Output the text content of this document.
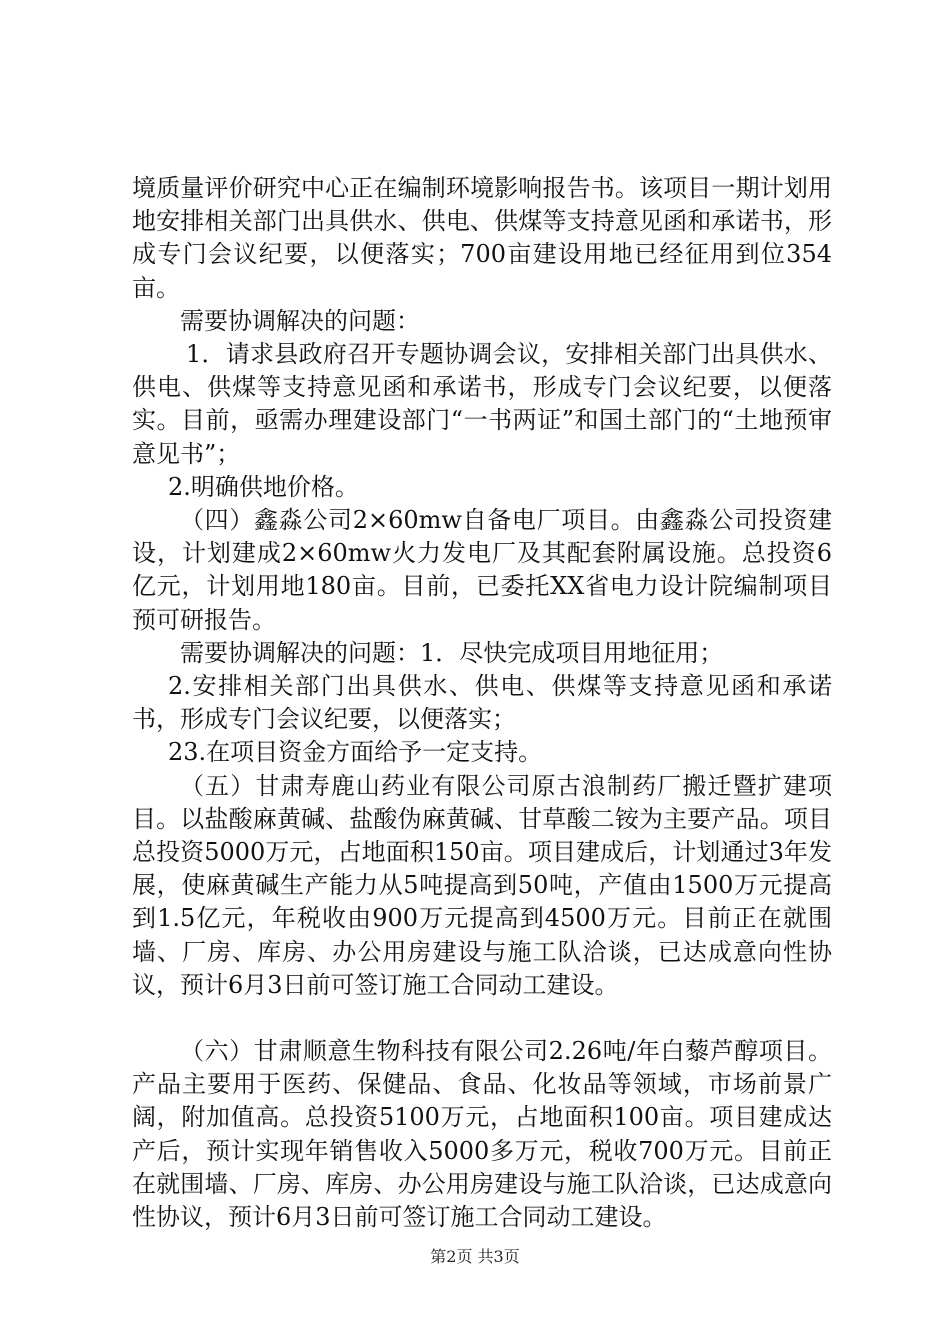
境质量评价研究中心正在编制环境影响报告书。该项目一期计划用地安排相关部门出具供水、供电、供煤等支持意见函和承诺书，形成专门会议纪要，以便落实；700亩建设用地已经征用到位354亩。

需要协调解决的问题：

1．请求县政府召开专题协调会议，安排相关部门出具供水、供电、供煤等支持意见函和承诺书，形成专门会议纪要，以便落实。目前，亟需办理建设部门“一书两证”和国土部门的“土地预审意见书”；

2.明确供地价格。

（四）鑫淼公司2×60mw自备电厂项目。由鑫淼公司投资建设，计划建成2×60mw火力发电厂及其配套附属设施。总投资6亿元，计划用地180亩。目前，已委托XX省电力设计院编制项目预可研报告。

需要协调解决的问题：1．尽快完成项目用地征用；

2.安排相关部门出具供水、供电、供煤等支持意见函和承诺书，形成专门会议纪要，以便落实；

23.在项目资金方面给予一定支持。

（五）甘肃寿鹿山药业有限公司原古浪制药厂搬迁暨扩建项目。以盐酸麻黄碱、盐酸伪麻黄碱、甘草酸二铵为主要产品。项目总投资5000万元，占地面积150亩。项目建成后，计划通过3年发展，使麻黄碱生产能力从5吨提高到50吨，产值由1500万元提高到1.5亿元，年税收由900万元提高到4500万元。目前正在就围墙、厂房、库房、办公用房建设与施工队洽谈，已达成意向性协议，预计6月3日前可签订施工合同动工建设。

（六）甘肃顺意生物科技有限公司2.26吨/年白藜芦醇项目。产品主要用于医药、保健品、食品、化妆品等领域，市场前景广阔，附加值高。总投资5100万元，占地面积100亩。项目建成达产后，预计实现年销售收入5000多万元，税收700万元。目前正在就围墙、厂房、库房、办公用房建设与施工队洽谈，已达成意向性协议，预计6月3日前可签订施工合同动工建设。

第2页 共3页
